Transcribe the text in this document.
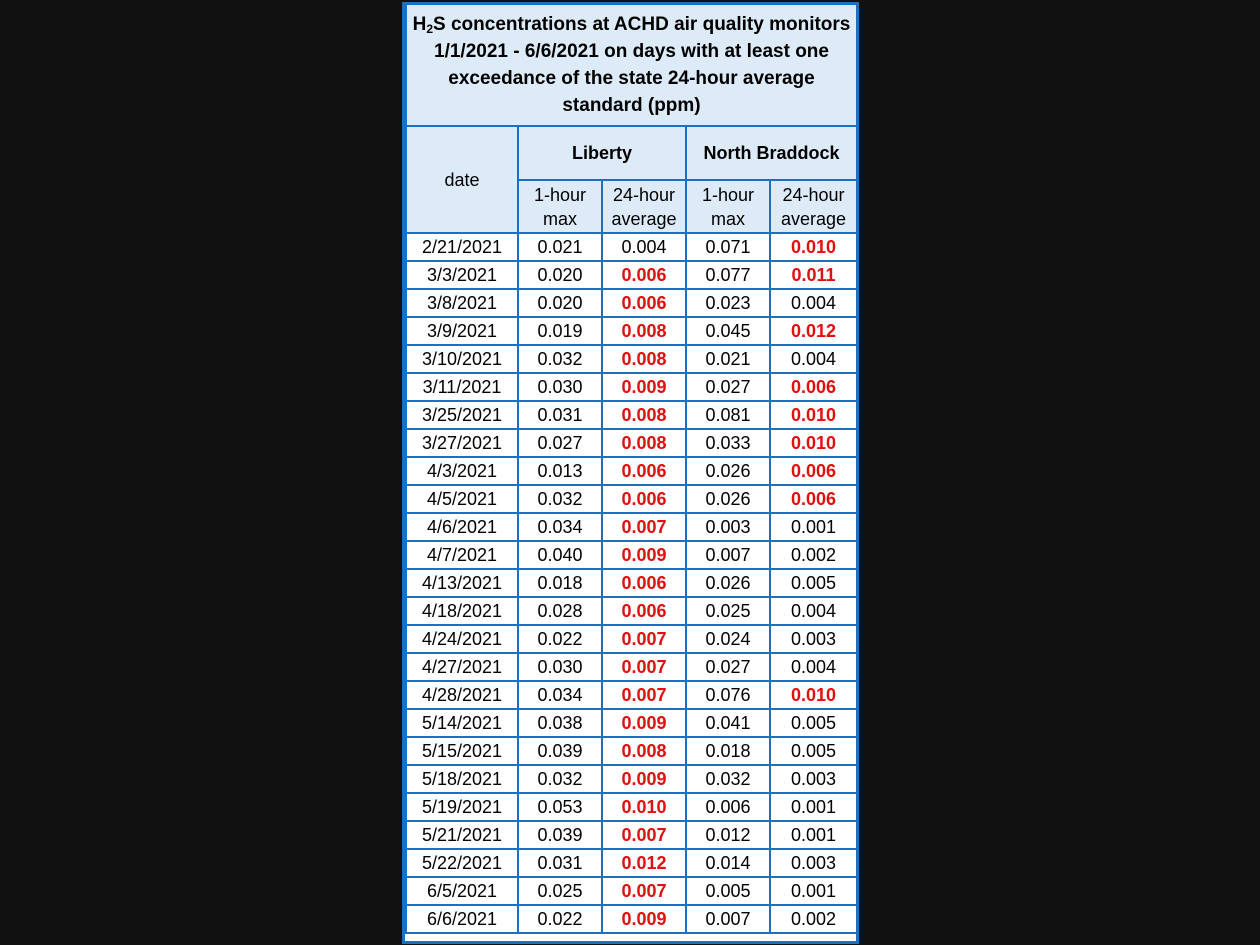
$H_2S$ concentrations at ACHD air quality monitors 1/1/2021 - 6/6/2021 on days with at least one exceedance of the state 24-hour average standard (ppm)				
date	Liberty		North Braddock	
	1-hour max	24-hour average	1-hour max	24-hour average
2/21/2021	0.021	0.004	0.071	0.010
3/3/2021	0.020	0.006	0.077	0.011
3/8/2021	0.020	0.006	0.023	0.004
3/9/2021	0.019	0.008	0.045	0.012
3/10/2021	0.032	0.008	0.021	0.004
3/11/2021	0.030	0.009	0.027	0.006
3/25/2021	0.031	0.008	0.081	0.010
3/27/2021	0.027	0.008	0.033	0.010
4/3/2021	0.013	0.006	0.026	0.006
4/5/2021	0.032	0.006	0.026	0.006
4/6/2021	0.034	0.007	0.003	0.001
4/7/2021	0.040	0.009	0.007	0.002
4/13/2021	0.018	0.006	0.026	0.005
4/18/2021	0.028	0.006	0.025	0.004
4/24/2021	0.022	0.007	0.024	0.003
4/27/2021	0.030	0.007	0.027	0.004
4/28/2021	0.034	0.007	0.076	0.010
5/14/2021	0.038	0.009	0.041	0.005
5/15/2021	0.039	0.008	0.018	0.005
5/18/2021	0.032	0.009	0.032	0.003
5/19/2021	0.053	0.010	0.006	0.001
5/21/2021	0.039	0.007	0.012	0.001
5/22/2021	0.031	0.012	0.014	0.003
6/5/2021	0.025	0.007	0.005	0.001
6/6/2021	0.022	0.009	0.007	0.002
